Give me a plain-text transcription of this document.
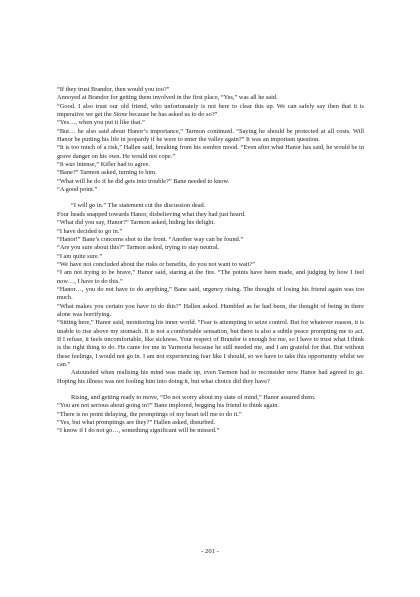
“If they trust Brandor, then would you too?”

Annoyed at Brandor for getting them involved in the first place, “Yes,” was all he said.

“Good. I also trust our old friend, who unfortunately is not here to clear this up. We can safely say then that it is imperative we get the Stone because he has asked us to do so?”

“Yes…, when you put it like that.”

“But… he also said about Hanor’s importance,” Tarmon continued. “Saying he should be protected at all costs. Will Hanor be putting his life in jeopardy if he were to enter the valley again?” It was an important question.

“It is too much of a risk,” Hallen said, breaking from his sombre mood. “Even after what Hanor has said, he would be in grave danger on his own. He would not cope.”

“It was intense,” Kifler had to agree.

“Bane?” Tarmon asked, turning to him.

“What will he do if he did gets into trouble?” Bane needed to know.

“A good point.”

“I will go in.” The statement cut the discussion dead.

Four heads snapped towards Hanor, disbelieving what they had just heard.

“What did you say, Hanor?” Tarmon asked, hiding his delight.

“I have decided to go in.”

“Hanor!” Bane’s concerns shot to the front. “Another way can be found.”

“Are you sure about this?” Tarmon asked, trying to stay neutral.

“I am quite sure.”

“We have not concluded about the risks or benefits, do you not want to wait?”

“I am not trying to be brave,” Hanor said, staring at the fire. “The points have been made, and judging by how I feel now…, I have to do this.”

“Hanor…, you do not have to do anything,” Bane said, urgency rising. The thought of losing his friend again was too much.

“What makes you certain you have to do this?” Hallen asked. Humbled as he had been, the thought of being in there alone was horrifying.

“Sitting here,” Hanor said, monitoring his inner world. “Fear is attempting to seize control. But for whatever reason, it is unable to rise above my stomach. It is not a comfortable sensation, but there is also a subtle peace prompting me to act. If I refuse, it feels uncomfortable, like sickness. Your respect of Brandor is enough for me, so I have to trust what I think is the right thing to do. He came for me in Yarmoria because he still needed me, and I am grateful for that. But without these feelings, I would not go in. I am not experiencing fear like I should, so we have to take this opportunity whilst we can.”

Astounded when realising his mind was made up, even Tarmon had to reconsider now Hanor had agreed to go. Hoping his illness was not fooling him into doing it, but what choice did they have?

Rising, and getting ready to move, “Do not worry about my state of mind,” Hanor assured them.

“You are not serious about going in?” Bane implored, begging his friend to think again.

“There is no point delaying, the promptings of my heart tell me to do it.”

“Yes, but what promptings are they?” Hallen asked, disturbed.

“I know if I do not go…, something significant will be missed.”

- 201 -
